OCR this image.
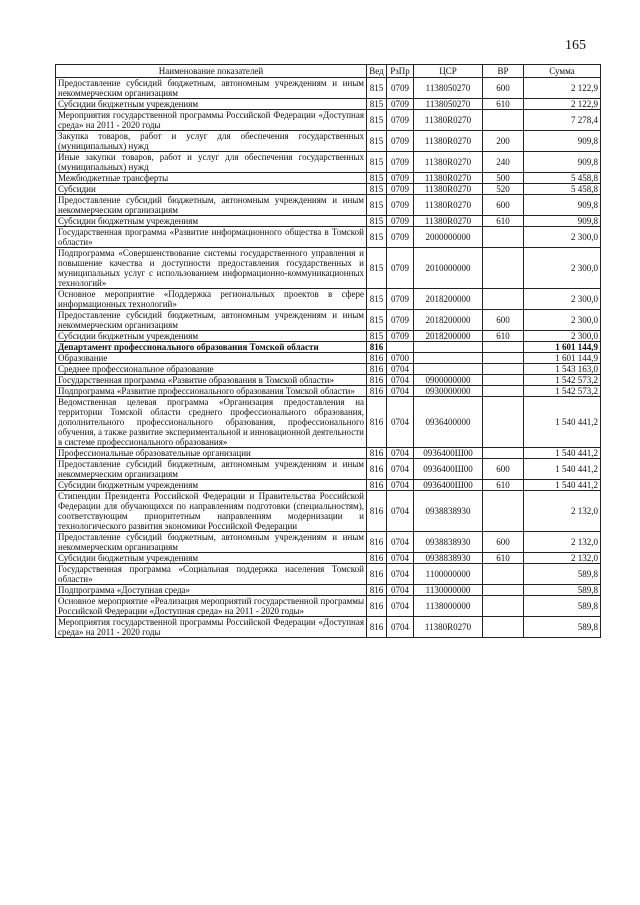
165
Наименование показателей	Вед	РзПр	ЦСР	ВР	Сумма
Предоставление субсидий бюджетным, автономным учреждениям и иным некоммерческим организациям	815	0709	1138050270	600	2 122,9
Субсидии бюджетным учреждениям	815	0709	1138050270	610	2 122,9
Мероприятия государственной программы Российской Федерации «Доступная среда» на 2011 - 2020 годы	815	0709	11380R0270		7 278,4
Закупка товаров, работ и услуг для обеспечения государственных (муниципальных) нужд	815	0709	11380R0270	200	909,8
Иные закупки товаров, работ и услуг для обеспечения государственных (муниципальных) нужд	815	0709	11380R0270	240	909,8
Межбюджетные трансферты	815	0709	11380R0270	500	5 458,8
Субсидии	815	0709	11380R0270	520	5 458,8
Предоставление субсидий бюджетным, автономным учреждениям и иным некоммерческим организациям	815	0709	11380R0270	600	909,8
Субсидии бюджетным учреждениям	815	0709	11380R0270	610	909,8
Государственная программа «Развитие информационного общества в Томской области»	815	0709	2000000000		2 300,0
Подпрограмма «Совершенствование системы государственного управления и повышение качества и доступности предоставления государственных и муниципальных услуг с использованием информационно-коммуникационных технологий»	815	0709	2010000000		2 300,0
Основное мероприятие «Поддержка региональных проектов в сфере информационных технологий»	815	0709	2018200000		2 300,0
Предоставление субсидий бюджетным, автономным учреждениям и иным некоммерческим организациям	815	0709	2018200000	600	2 300,0
Субсидии бюджетным учреждениям	815	0709	2018200000	610	2 300,0
Департамент профессионального образования Томской области	816				1 601 144,9
Образование	816	0700			1 601 144,9
Среднее профессиональное образование	816	0704			1 543 163,0
Государственная программа «Развитие образования в Томской области»	816	0704	0900000000		1 542 573,2
Подпрограмма «Развитие профессионального образования Томской области»	816	0704	0930000000		1 542 573,2
Ведомственная целевая программа «Организация предоставления на территории Томской области среднего профессионального образования, дополнительного профессионального образования, профессионального обучения, а также развитие экспериментальной и инновационной деятельности в системе профессионального образования»	816	0704	0936400000		1 540 441,2
Профессиональные образовательные организации	816	0704	0936400Ш00		1 540 441,2
Предоставление субсидий бюджетным, автономным учреждениям и иным некоммерческим организациям	816	0704	0936400Ш00	600	1 540 441,2
Субсидии бюджетным учреждениям	816	0704	0936400Ш00	610	1 540 441,2
Стипендии Президента Российской Федерации и Правительства Российской Федерации для обучающихся по направлениям подготовки (специальностям), соответствующим приоритетным направлениям модернизации и технологического развития экономики Российской Федерации	816	0704	0938838930		2 132,0
Предоставление субсидий бюджетным, автономным учреждениям и иным некоммерческим организациям	816	0704	0938838930	600	2 132,0
Субсидии бюджетным учреждениям	816	0704	0938838930	610	2 132,0
Государственная программа «Социальная поддержка населения Томской области»	816	0704	1100000000		589,8
Подпрограмма «Доступная среда»	816	0704	1130000000		589,8
Основное мероприятие «Реализация мероприятий государственной программы Российской Федерации «Доступная среда» на 2011 - 2020 годы»	816	0704	1138000000		589,8
Мероприятия государственной программы Российской Федерации «Доступная среда» на 2011 - 2020 годы	816	0704	11380R0270		589,8
